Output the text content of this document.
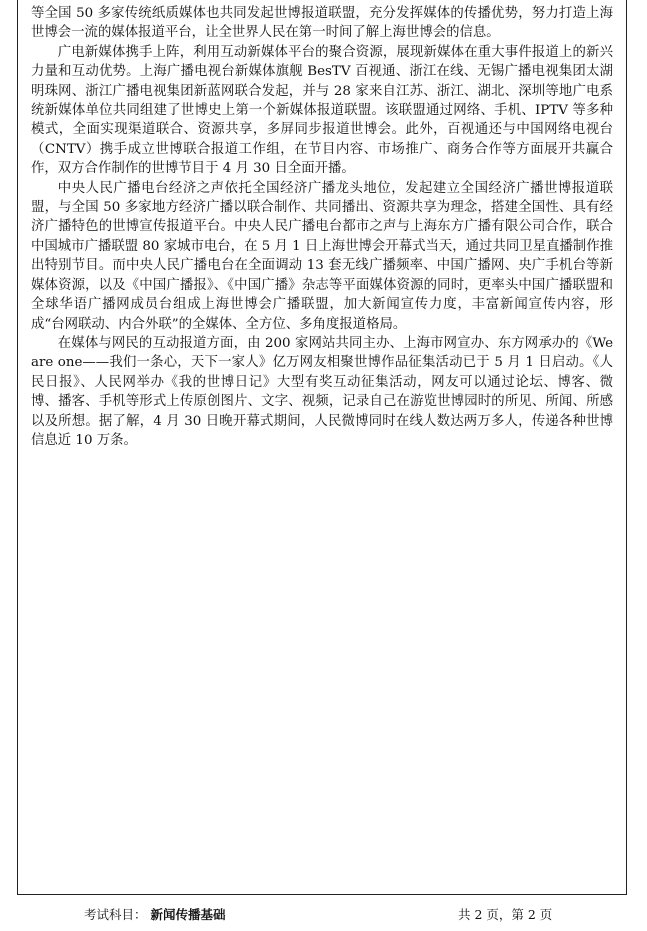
等全国 50 多家传统纸质媒体也共同发起世博报道联盟，充分发挥媒体的传播优势，努力打造上海世博会一流的媒体报道平台，让全世界人民在第一时间了解上海世博会的信息。

广电新媒体携手上阵，利用互动新媒体平台的聚合资源，展现新媒体在重大事件报道上的新兴力量和互动优势。上海广播电视台新媒体旗舰 BesTV 百视通、浙江在线、无锡广播电视集团太湖明珠网、浙江广播电视集团新蓝网联合发起，并与 28 家来自江苏、浙江、湖北、深圳等地广电系统新媒体单位共同组建了世博史上第一个新媒体报道联盟。该联盟通过网络、手机、IPTV 等多种模式，全面实现渠道联合、资源共享，多屏同步报道世博会。此外，百视通还与中国网络电视台（CNTV）携手成立世博联合报道工作组，在节目内容、市场推广、商务合作等方面展开共赢合作，双方合作制作的世博节目于 4 月 30 日全面开播。

中央人民广播电台经济之声依托全国经济广播龙头地位，发起建立全国经济广播世博报道联盟，与全国 50 多家地方经济广播以联合制作、共同播出、资源共享为理念，搭建全国性、具有经济广播特色的世博宣传报道平台。中央人民广播电台都市之声与上海东方广播有限公司合作，联合中国城市广播联盟 80 家城市电台，在 5 月 1 日上海世博会开幕式当天，通过共同卫星直播制作推出特别节目。而中央人民广播电台在全面调动 13 套无线广播频率、中国广播网、央广手机台等新媒体资源，以及《中国广播报》、《中国广播》杂志等平面媒体资源的同时，更率头中国广播联盟和全球华语广播网成员台组成上海世博会广播联盟，加大新闻宣传力度，丰富新闻宣传内容，形成“台网联动、内合外联”的全媒体、全方位、多角度报道格局。

在媒体与网民的互动报道方面，由 200 家网站共同主办、上海市网宣办、东方网承办的《We are one——我们一条心，天下一家人》亿万网友相聚世博作品征集活动已于 5 月 1 日启动。《人民日报》、人民网举办《我的世博日记》大型有奖互动征集活动，网友可以通过论坛、博客、微博、播客、手机等形式上传原创图片、文字、视频，记录自己在游览世博园时的所见、所闻、所感以及所想。据了解，4 月 30 日晚开幕式期间，人民微博同时在线人数达两万多人，传递各种世博信息近 10 万条。

考试科目： 新闻传播基础	共 2 页，第 2 页
